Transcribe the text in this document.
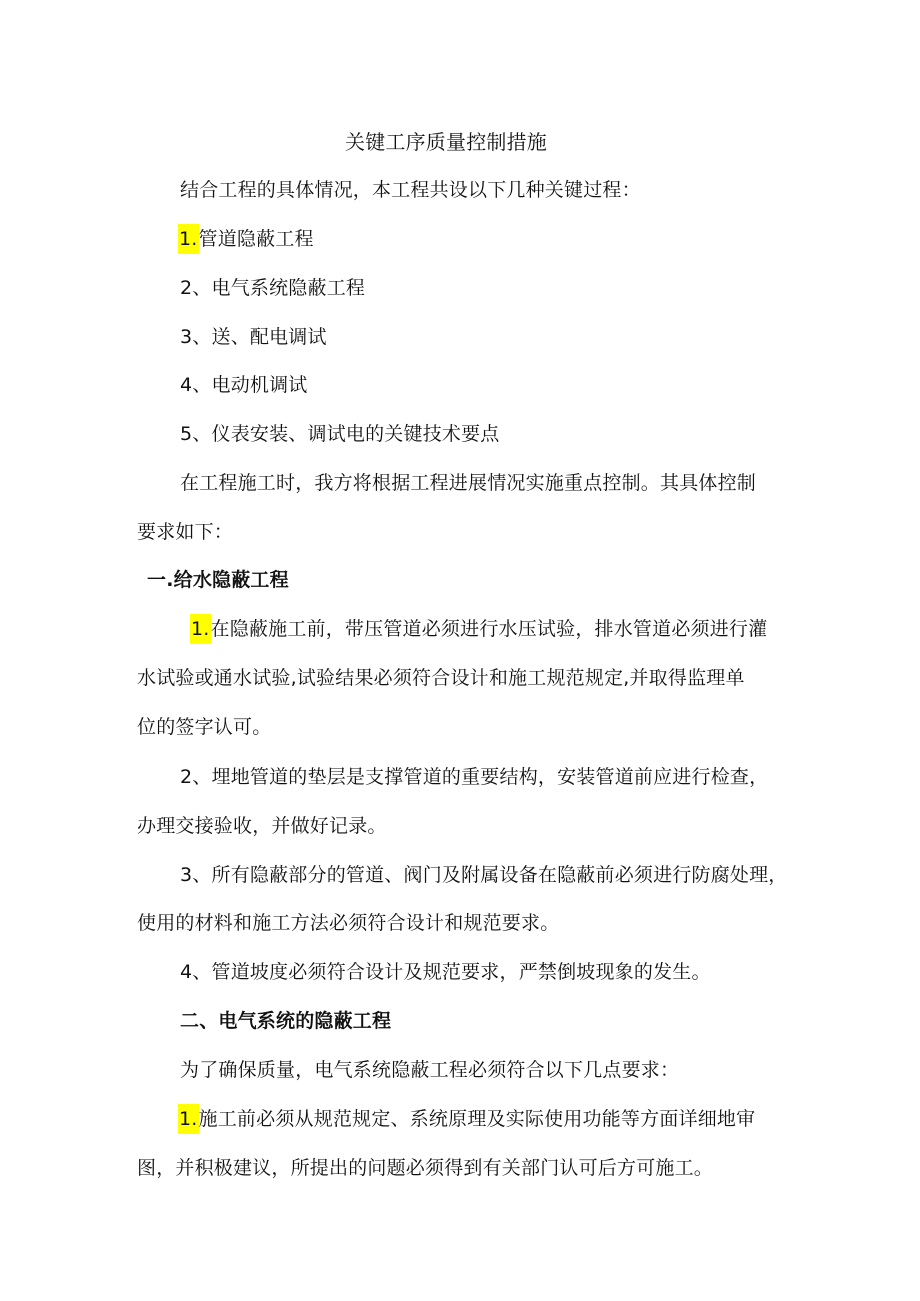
关键工序质量控制措施
结合工程的具体情况，本工程共设以下几种关键过程：
1.管道隐蔽工程
2、电气系统隐蔽工程
3、送、配电调试
4、电动机调试
5、仪表安装、调试电的关键技术要点
在工程施工时，我方将根据工程进展情况实施重点控制。其具体控制
要求如下：
一.给水隐蔽工程
1.在隐蔽施工前，带压管道必须进行水压试验，排水管道必须进行灌
水试验或通水试验,试验结果必须符合设计和施工规范规定,并取得监理单
位的签字认可。
2、埋地管道的垫层是支撑管道的重要结构，安装管道前应进行检查，
办理交接验收，并做好记录。
3、所有隐蔽部分的管道、阀门及附属设备在隐蔽前必须进行防腐处理，
使用的材料和施工方法必须符合设计和规范要求。
4、管道坡度必须符合设计及规范要求，严禁倒坡现象的发生。
二、电气系统的隐蔽工程
为了确保质量，电气系统隐蔽工程必须符合以下几点要求：
1.施工前必须从规范规定、系统原理及实际使用功能等方面详细地审
图，并积极建议，所提出的问题必须得到有关部门认可后方可施工。
